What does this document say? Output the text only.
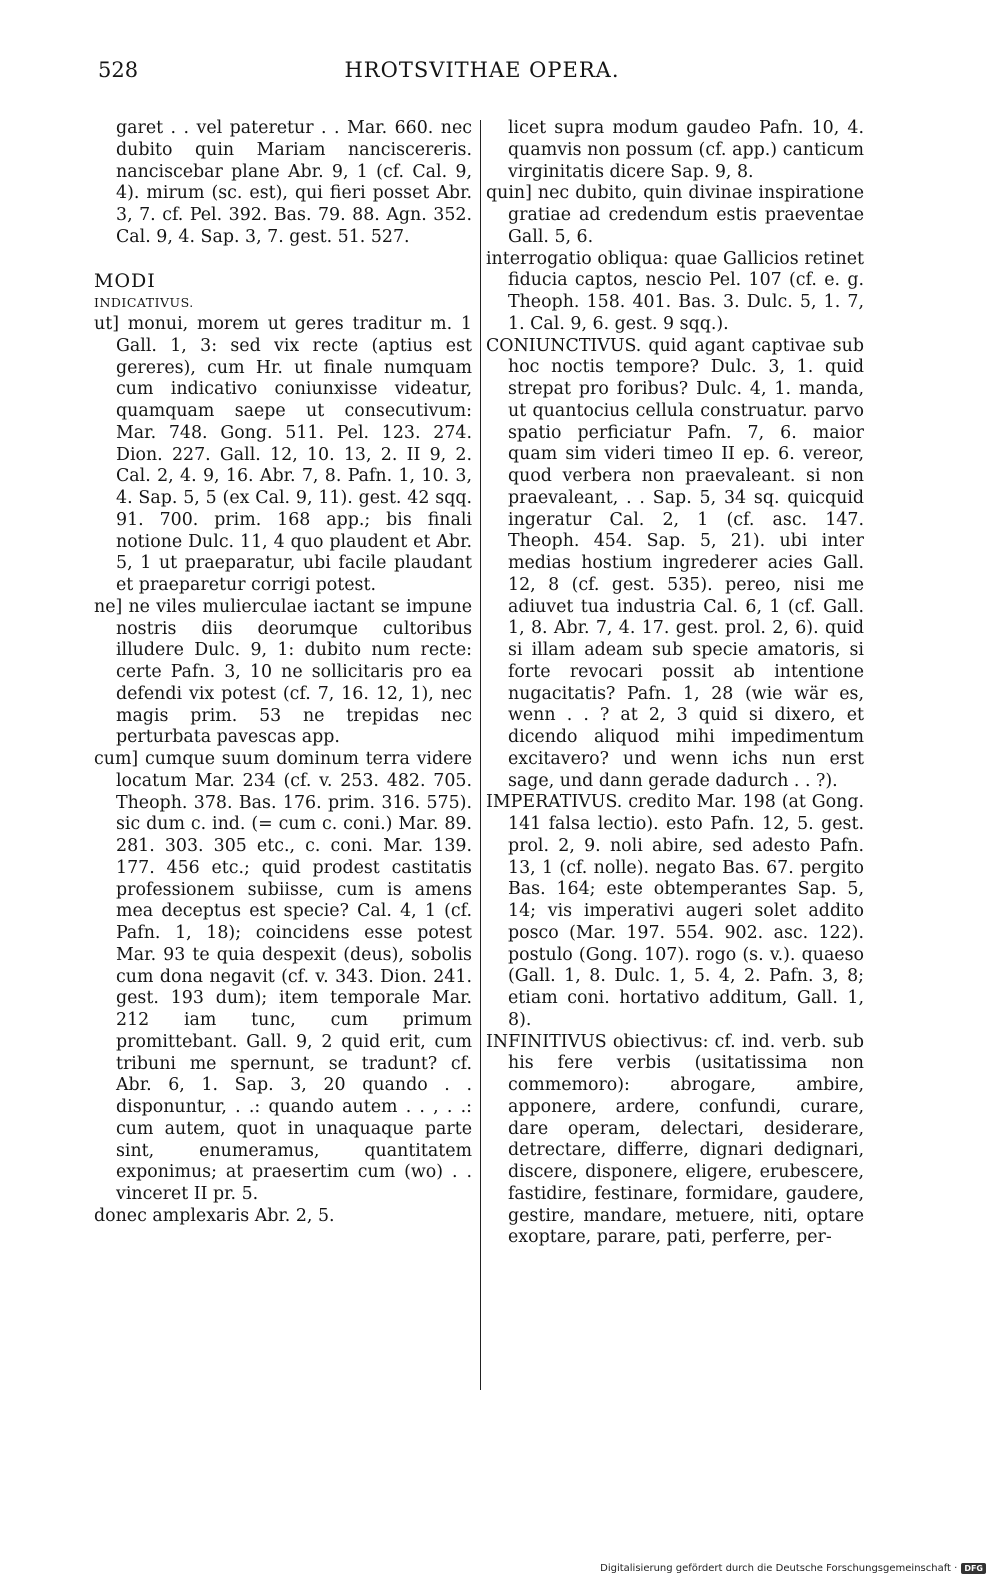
528	HROTSVITHAE OPERA.

garet . . vel pateretur . . Mar. 660. nec dubito quin Mariam nanciscereris. nanciscebar plane Abr. 9, 1 (cf. Cal. 9, 4). mirum (sc. est), qui fieri posset Abr. 3, 7. cf. Pel. 392. Bas. 79. 88. Agn. 352. Cal. 9, 4. Sap. 3, 7. gest. 51. 527.

MODI

INDICATIVUS.

ut] monui, morem ut geres traditur m. 1 Gall. 1, 3: sed vix recte (aptius est gereres), cum Hr. ut finale numquam cum indicativo coniunxisse videatur, quamquam saepe ut consecutivum: Mar. 748. Gong. 511. Pel. 123. 274. Dion. 227. Gall. 12, 10. 13, 2. II 9, 2. Cal. 2, 4. 9, 16. Abr. 7, 8. Pafn. 1, 10. 3, 4. Sap. 5, 5 (ex Cal. 9, 11). gest. 42 sqq. 91. 700. prim. 168 app.; bis finali notione Dulc. 11, 4 quo plaudent et Abr. 5, 1 ut praeparatur, ubi facile plaudant et praeparetur corrigi potest.

ne] ne viles mulierculae iactant se impune nostris diis deorumque cultoribus illudere Dulc. 9, 1: dubito num recte: certe Pafn. 3, 10 ne sollicitaris pro ea defendi vix potest (cf. 7, 16. 12, 1), nec magis prim. 53 ne trepidas nec perturbata pavescas app.

cum] cumque suum dominum terra videre locatum Mar. 234 (cf. v. 253. 482. 705. Theoph. 378. Bas. 176. prim. 316. 575). sic dum c. ind. (= cum c. coni.) Mar. 89. 281. 303. 305 etc., c. coni. Mar. 139. 177. 456 etc.; quid prodest castitatis professionem subiisse, cum is amens mea deceptus est specie? Cal. 4, 1 (cf. Pafn. 1, 18); coincidens esse potest Mar. 93 te quia despexit (deus), sobolis cum dona negavit (cf. v. 343. Dion. 241. gest. 193 dum); item temporale Mar. 212 iam tunc, cum primum promittebant. Gall. 9, 2 quid erit, cum tribuni me spernunt, se tradunt? cf. Abr. 6, 1. Sap. 3, 20 quando . . disponuntur, . .: quando autem . . , . .: cum autem, quot in unaquaque parte sint, enumeramus, quantitatem exponimus; at praesertim cum (wo) . . vinceret II pr. 5.

donec amplexaris Abr. 2, 5.

licet supra modum gaudeo Pafn. 10, 4. quamvis non possum (cf. app.) canticum virginitatis dicere Sap. 9, 8.

quin] nec dubito, quin divinae inspiratione gratiae ad credendum estis praeventae Gall. 5, 6.

interrogatio obliqua: quae Gallicios retinet fiducia captos, nescio Pel. 107 (cf. e. g. Theoph. 158. 401. Bas. 3. Dulc. 5, 1. 7, 1. Cal. 9, 6. gest. 9 sqq.).

CONIUNCTIVUS. quid agant captivae sub hoc noctis tempore? Dulc. 3, 1. quid strepat pro foribus? Dulc. 4, 1. manda, ut quantocius cellula construatur. parvo spatio perficiatur Pafn. 7, 6. maior quam sim videri timeo II ep. 6. vereor, quod verbera non praevaleant. si non praevaleant, . . Sap. 5, 34 sq. quicquid ingeratur Cal. 2, 1 (cf. asc. 147. Theoph. 454. Sap. 5, 21). ubi inter medias hostium ingrederer acies Gall. 12, 8 (cf. gest. 535). pereo, nisi me adiuvet tua industria Cal. 6, 1 (cf. Gall. 1, 8. Abr. 7, 4. 17. gest. prol. 2, 6). quid si illam adeam sub specie amatoris, si forte revocari possit ab intentione nugacitatis? Pafn. 1, 28 (wie wär es, wenn . . ? at 2, 3 quid si dixero, et dicendo aliquod mihi impedimentum excitavero? und wenn ichs nun erst sage, und dann gerade dadurch . . ?).

IMPERATIVUS. credito Mar. 198 (at Gong. 141 falsa lectio). esto Pafn. 12, 5. gest. prol. 2, 9. noli abire, sed adesto Pafn. 13, 1 (cf. nolle). negato Bas. 67. pergito Bas. 164; este obtemperantes Sap. 5, 14; vis imperativi augeri solet addito posco (Mar. 197. 554. 902. asc. 122). postulo (Gong. 107). rogo (s. v.). quaeso (Gall. 1, 8. Dulc. 1, 5. 4, 2. Pafn. 3, 8; etiam coni. hortativo additum, Gall. 1, 8).

INFINITIVUS obiectivus: cf. ind. verb. sub his fere verbis (usitatissima non commemoro): abrogare, ambire, apponere, ardere, confundi, curare, dare operam, delectari, desiderare, detrectare, differre, dignari dedignari, discere, disponere, eligere, erubescere, fastidire, festinare, formidare, gaudere, gestire, mandare, metuere, niti, optare exoptare, parare, pati, perferre, per-

Digitalisierung gefördert durch die Deutsche Forschungsgemeinschaft · DFG
